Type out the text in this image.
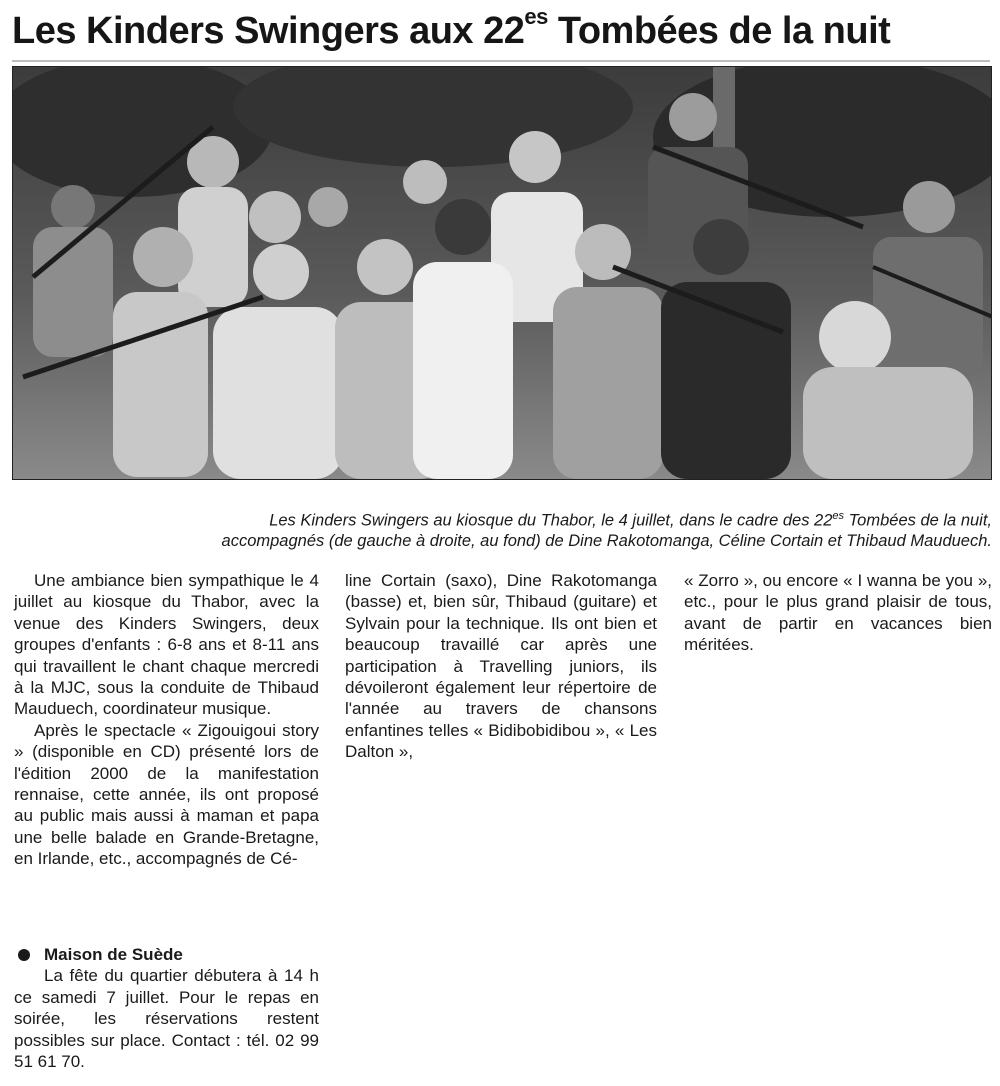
Les Kinders Swingers aux $22^{es}$ Tombées de la nuit
Les Kinders Swingers au kiosque du Thabor, le 4 juillet, dans le cadre des $22^{es}$ Tombées de la nuit,
accompagnés (de gauche à droite, au fond) de Dine Rakotomanga, Céline Cortain et Thibaud Mauduech.

Une ambiance bien sympathique le 4 juillet au kiosque du Thabor, avec la venue des Kinders Swingers, deux groupes d'enfants : 6-8 ans et 8-11 ans qui travaillent le chant chaque mercredi à la MJC, sous la conduite de Thibaud Mauduech, coordinateur musique.

Après le spectacle « Zigouigoui story » (disponible en CD) présenté lors de l'édition 2000 de la manifestation rennaise, cette année, ils ont proposé au public mais aussi à maman et papa une belle balade en Grande-Bretagne, en Irlande, etc., accompagnés de Cé-

line Cortain (saxo), Dine Rakotomanga (basse) et, bien sûr, Thibaud (guitare) et Sylvain pour la technique. Ils ont bien et beaucoup travaillé car après une participation à Travelling juniors, ils dévoileront également leur répertoire de l'année au travers de chansons enfantines telles « Bidibobidibou », « Les Dalton »,

« Zorro », ou encore « I wanna be you », etc., pour le plus grand plaisir de tous, avant de partir en vacances bien méritées.

Maison de Suède

La fête du quartier débutera à 14 h ce samedi 7 juillet. Pour le repas en soirée, les réservations restent possibles sur place. Contact : tél. 02 99 51 61 70.
